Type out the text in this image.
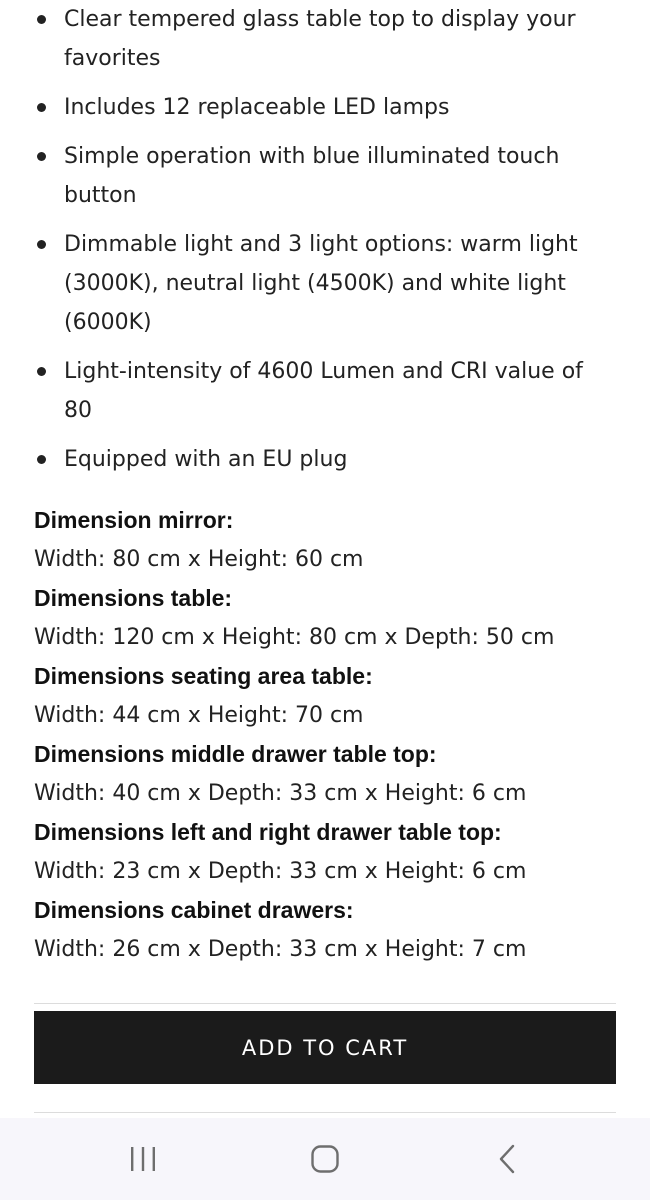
Clear tempered glass table top to display your favorites
Includes 12 replaceable LED lamps
Simple operation with blue illuminated touch button
Dimmable light and 3 light options: warm light (3000K), neutral light (4500K) and white light (6000K)
Light-intensity of 4600 Lumen and CRI value of 80
Equipped with an EU plug

Dimension mirror:

Width: 80 cm x Height: 60 cm

Dimensions table:

Width: 120 cm x Height: 80 cm x Depth: 50 cm

Dimensions seating area table:

Width: 44 cm x Height: 70 cm

Dimensions middle drawer table top:

Width: 40 cm x Depth: 33 cm x Height: 6 cm

Dimensions left and right drawer table top:

Width: 23 cm x Depth: 33 cm x Height: 6 cm

Dimensions cabinet drawers:

Width: 26 cm x Depth: 33 cm x Height: 7 cm

ADD TO CART
